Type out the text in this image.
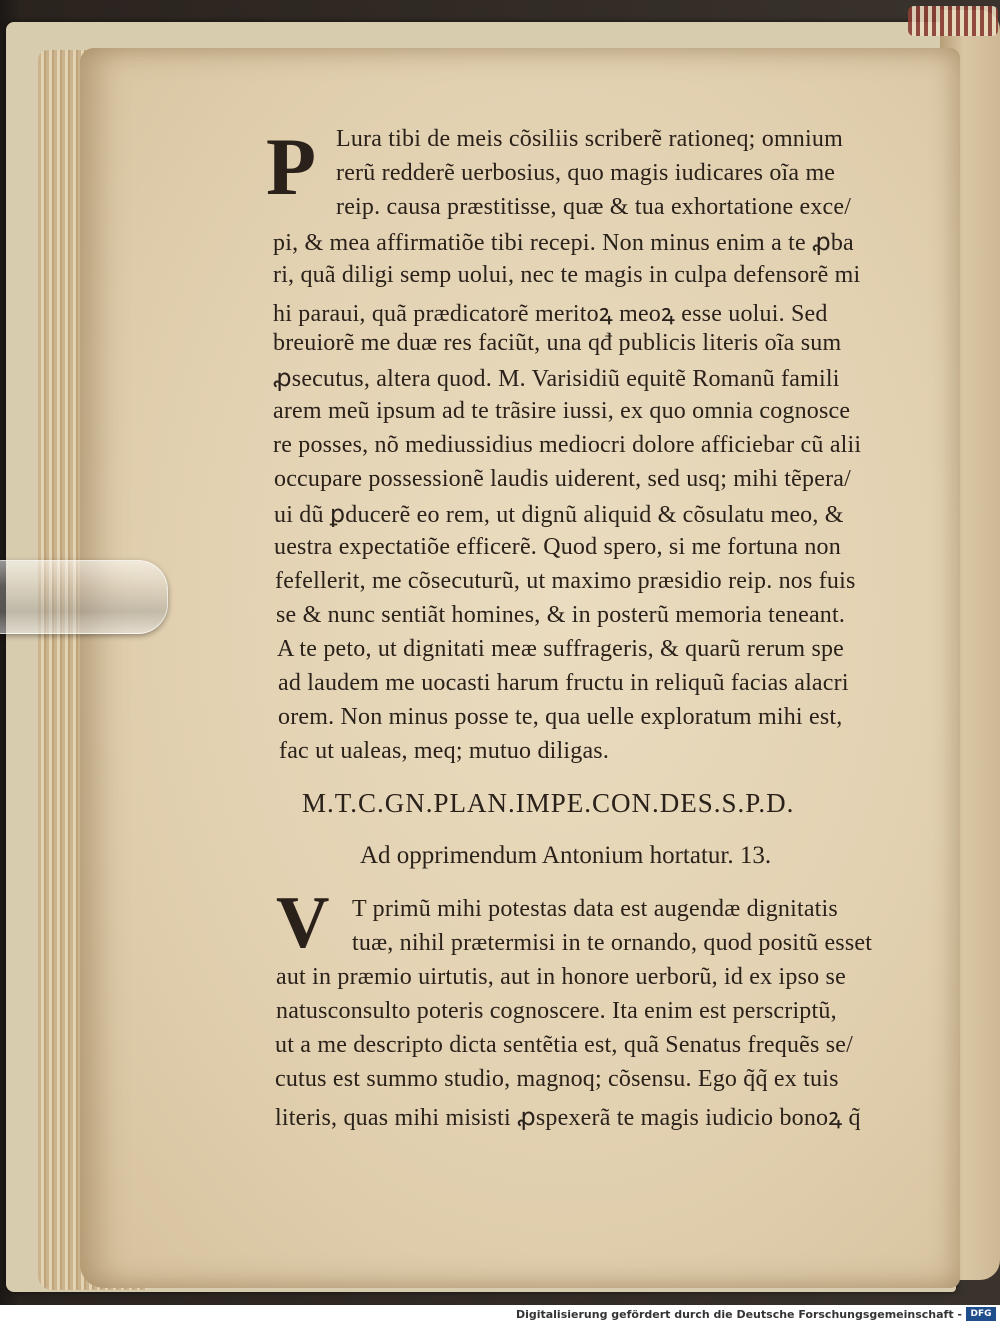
P Lura tibi de meis cõsiliis scriberẽ rationeq; omnium
rerũ redderẽ uerbosius, quo magis iudicares oĩa me
reip. causa præstitisse, quæ & tua exhortatione exce/
pi, & mea affirmatiõe tibi recepi. Non minus enim a te ꝓba
ri, quã diligi semp uolui, nec te magis in culpa defensorẽ mi
hi paraui, quã prædicatorẽ meritoꝝ meoꝝ esse uolui. Sed
breuiorẽ me duæ res faciũt, una qđ publicis literis oĩa sum
ꝓsecutus, altera quod. M. Varisidiũ equitẽ Romanũ famili
arem meũ ipsum ad te trãsire iussi, ex quo omnia cognosce
re posses, nõ mediussidius mediocri dolore afficiebar cũ alii
occupare possessionẽ laudis uiderent, sed usq; mihi tẽpera/
ui dũ ꝑducerẽ eo rem, ut dignũ aliquid & cõsulatu meo, &
uestra expectatiõe efficerẽ. Quod spero, si me fortuna non
fefellerit, me cõsecuturũ, ut maximo præsidio reip. nos fuis
se & nunc sentiãt homines, & in posterũ memoria teneant.
A te peto, ut dignitati meæ suffrageris, & quarũ rerum spe
ad laudem me uocasti harum fructu in reliquũ facias alacri
orem. Non minus posse te, qua uelle exploratum mihi est,
fac ut ualeas, meq; mutuo diligas.
M.T.C.GN.PLAN.IMPE.CON.DES.S.P.D.
Ad opprimendum Antonium hortatur. 13.
V T primũ mihi potestas data est augendæ dignitatis
tuæ, nihil prætermisi in te ornando, quod positũ esset
aut in præmio uirtutis, aut in honore uerborũ, id ex ipso se
natusconsulto poteris cognoscere. Ita enim est perscriptũ,
ut a me descripto dicta sentẽtia est, quã Senatus frequẽs se/
cutus est summo studio, magnoq; cõsensu. Ego q̃q̃ ex tuis
literis, quas mihi misisti ꝓspexerã te magis iudicio bonoꝝ q̃
Digitalisierung gefördert durch die Deutsche Forschungsgemeinschaft - DFG
